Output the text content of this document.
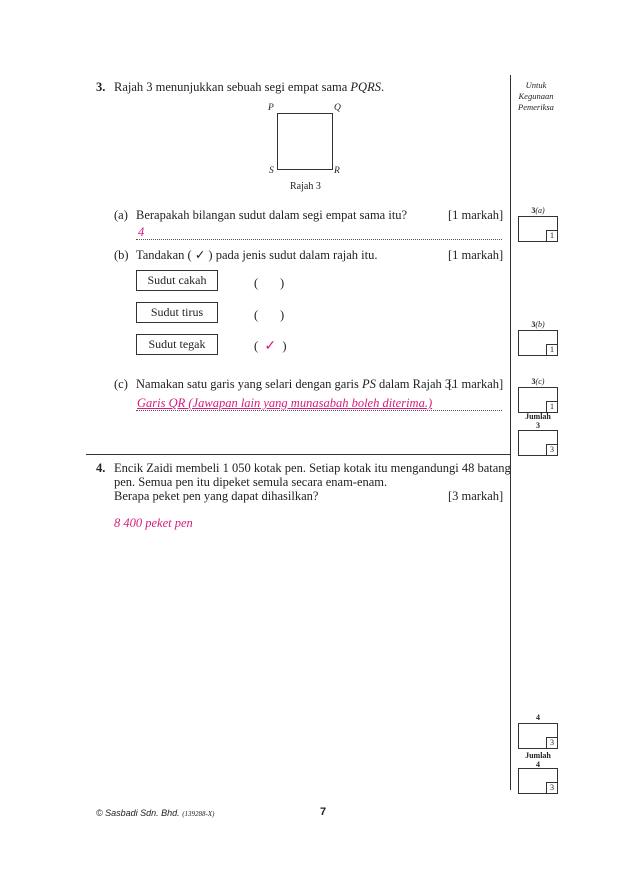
Untuk
Kegunaan
Pemeriksa
3. Rajah 3 menunjukkan sebuah segi empat sama PQRS.
P	Q
S	R
Rajah 3
(a) Berapakah bilangan sudut dalam segi empat sama itu?	[1 markah]
4
(b) Tandakan ( ✓ ) pada jenis sudut dalam rajah itu.	[1 markah]
Sudut cakah	(       )
Sudut tirus	(       )
Sudut tegak	(  ✓  )
(c) Namakan satu garis yang selari dengan garis PS dalam Rajah 3.
[1 markah]
Garis QR (Jawapan lain yang munasabah boleh diterima.)
4. Encik Zaidi membeli 1 050 kotak pen. Setiap kotak itu mengandungi 48 batang
pen. Semua pen itu dipeket semula secara enam-enam.
Berapa peket pen yang dapat dihasilkan?	[3 markah]
8 400 peket pen
3(a)
1
3(b)
1
3(c)
1
Jumlah
3
3
4
3
Jumlah
4
3
© Sasbadi Sdn. Bhd. (139288-X)	7
